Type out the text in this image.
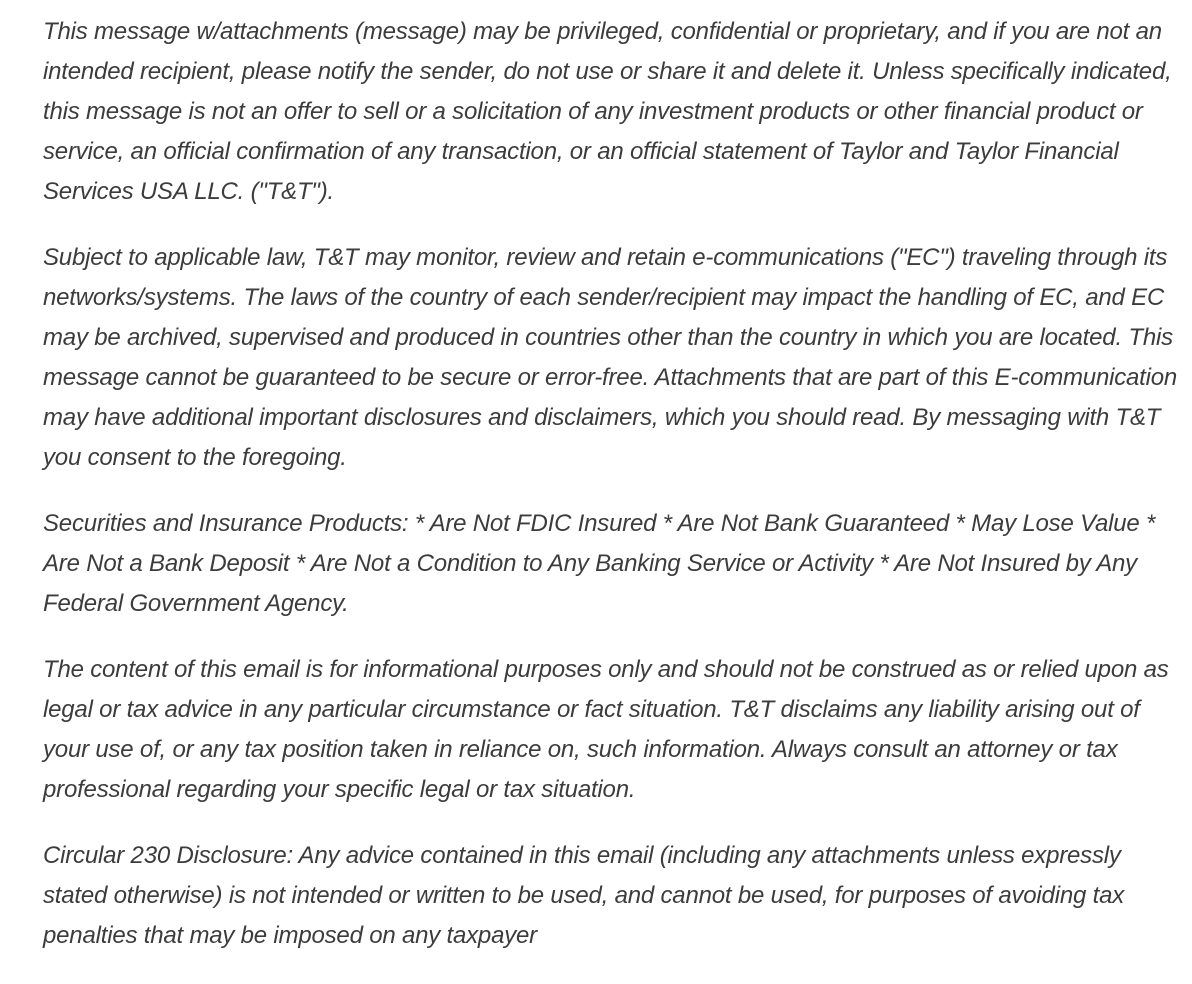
This message w/attachments (message) may be privileged, confidential or proprietary, and if you are not an intended recipient, please notify the sender, do not use or share it and delete it. Unless specifically indicated, this message is not an offer to sell or a solicitation of any investment products or other financial product or service, an official confirmation of any transaction, or an official statement of Taylor and Taylor Financial Services USA LLC. ("T&T").

Subject to applicable law, T&T may monitor, review and retain e-communications ("EC") traveling through its networks/systems. The laws of the country of each sender/recipient may impact the handling of EC, and EC may be archived, supervised and produced in countries other than the country in which you are located. This message cannot be guaranteed to be secure or error-free. Attachments that are part of this E-communication may have additional important disclosures and disclaimers, which you should read. By messaging with T&T you consent to the foregoing.

Securities and Insurance Products: * Are Not FDIC Insured * Are Not Bank Guaranteed * May Lose Value * Are Not a Bank Deposit * Are Not a Condition to Any Banking Service or Activity * Are Not Insured by Any Federal Government Agency.

The content of this email is for informational purposes only and should not be construed as or relied upon as legal or tax advice in any particular circumstance or fact situation. T&T disclaims any liability arising out of your use of, or any tax position taken in reliance on, such information. Always consult an attorney or tax professional regarding your specific legal or tax situation.

Circular 230 Disclosure: Any advice contained in this email (including any attachments unless expressly stated otherwise) is not intended or written to be used, and cannot be used, for purposes of avoiding tax penalties that may be imposed on any taxpayer
